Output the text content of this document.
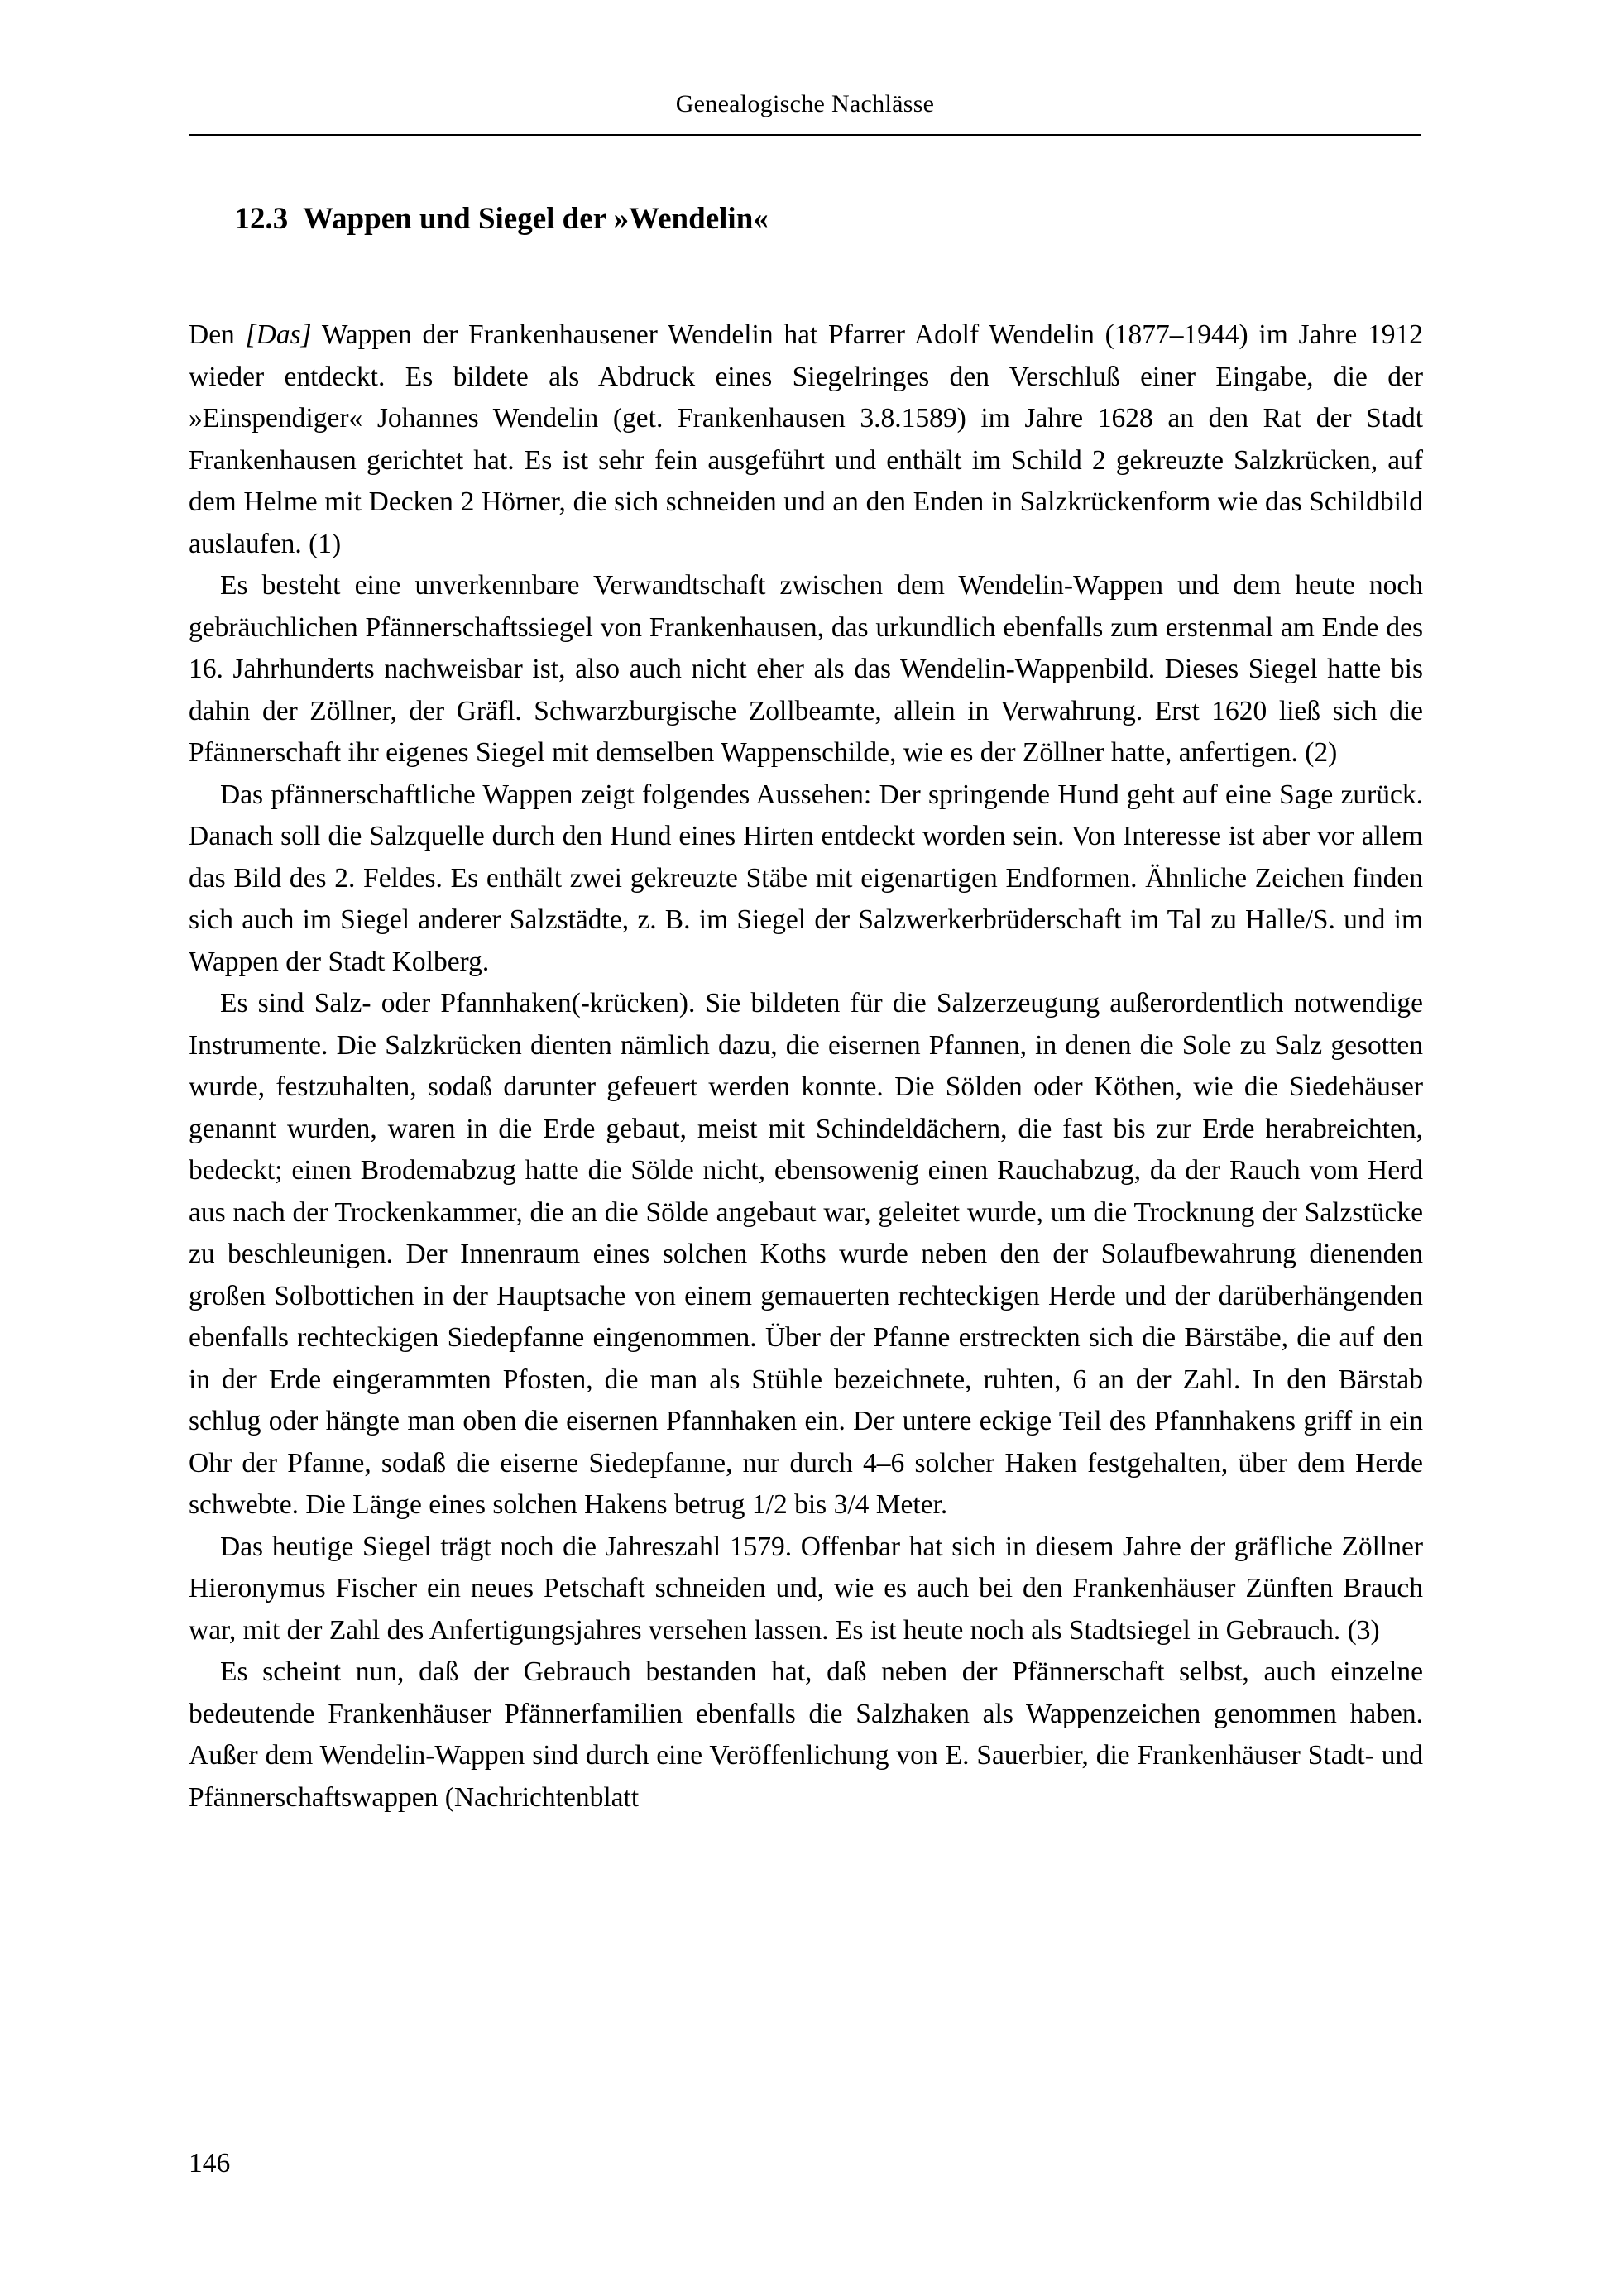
Genealogische Nachlässe

12.3 Wappen und Siegel der »Wendelin«

Den [Das] Wappen der Frankenhausener Wendelin hat Pfarrer Adolf Wendelin (1877–1944) im Jahre 1912 wieder entdeckt. Es bildete als Abdruck eines Siegelringes den Verschluß einer Eingabe, die der »Einspendiger« Johannes Wendelin (get. Frankenhausen 3.8.1589) im Jahre 1628 an den Rat der Stadt Frankenhausen gerichtet hat. Es ist sehr fein ausgeführt und enthält im Schild 2 gekreuzte Salzkrücken, auf dem Helme mit Decken 2 Hörner, die sich schneiden und an den Enden in Salzkrückenform wie das Schildbild auslaufen. (1)

Es besteht eine unverkennbare Verwandtschaft zwischen dem Wendelin-Wappen und dem heute noch gebräuchlichen Pfännerschaftssiegel von Frankenhausen, das urkundlich ebenfalls zum erstenmal am Ende des 16. Jahrhunderts nachweisbar ist, also auch nicht eher als das Wendelin-Wappenbild. Dieses Siegel hatte bis dahin der Zöllner, der Gräfl. Schwarzburgische Zollbeamte, allein in Verwahrung. Erst 1620 ließ sich die Pfännerschaft ihr eigenes Siegel mit demselben Wappenschilde, wie es der Zöllner hatte, anfertigen. (2)

Das pfännerschaftliche Wappen zeigt folgendes Aussehen: Der springende Hund geht auf eine Sage zurück. Danach soll die Salzquelle durch den Hund eines Hirten entdeckt worden sein. Von Interesse ist aber vor allem das Bild des 2. Feldes. Es enthält zwei gekreuzte Stäbe mit eigenartigen Endformen. Ähnliche Zeichen finden sich auch im Siegel anderer Salzstädte, z. B. im Siegel der Salzwerkerbrüderschaft im Tal zu Halle/S. und im Wappen der Stadt Kolberg.

Es sind Salz- oder Pfannhaken(-krücken). Sie bildeten für die Salzerzeugung außerordentlich notwendige Instrumente. Die Salzkrücken dienten nämlich dazu, die eisernen Pfannen, in denen die Sole zu Salz gesotten wurde, festzuhalten, sodaß darunter gefeuert werden konnte. Die Sölden oder Köthen, wie die Siedehäuser genannt wurden, waren in die Erde gebaut, meist mit Schindeldächern, die fast bis zur Erde herabreichten, bedeckt; einen Brodemabzug hatte die Sölde nicht, ebensowenig einen Rauchabzug, da der Rauch vom Herd aus nach der Trockenkammer, die an die Sölde angebaut war, geleitet wurde, um die Trocknung der Salzstücke zu beschleunigen. Der Innenraum eines solchen Koths wurde neben den der Solaufbewahrung dienenden großen Solbottichen in der Hauptsache von einem gemauerten rechteckigen Herde und der darüberhängenden ebenfalls rechteckigen Siedepfanne eingenommen. Über der Pfanne erstreckten sich die Bärstäbe, die auf den in der Erde eingerammten Pfosten, die man als Stühle bezeichnete, ruhten, 6 an der Zahl. In den Bärstab schlug oder hängte man oben die eisernen Pfannhaken ein. Der untere eckige Teil des Pfannhakens griff in ein Ohr der Pfanne, sodaß die eiserne Siedepfanne, nur durch 4–6 solcher Haken festgehalten, über dem Herde schwebte. Die Länge eines solchen Hakens betrug 1/2 bis 3/4 Meter.

Das heutige Siegel trägt noch die Jahreszahl 1579. Offenbar hat sich in diesem Jahre der gräfliche Zöllner Hieronymus Fischer ein neues Petschaft schneiden und, wie es auch bei den Frankenhäuser Zünften Brauch war, mit der Zahl des Anfertigungsjahres versehen lassen. Es ist heute noch als Stadtsiegel in Gebrauch. (3)

Es scheint nun, daß der Gebrauch bestanden hat, daß neben der Pfännerschaft selbst, auch einzelne bedeutende Frankenhäuser Pfännerfamilien ebenfalls die Salzhaken als Wappenzeichen genommen haben. Außer dem Wendelin-Wappen sind durch eine Veröffenlichung von E. Sauerbier, die Frankenhäuser Stadt- und Pfännerschaftswappen (Nachrichtenblatt

146
